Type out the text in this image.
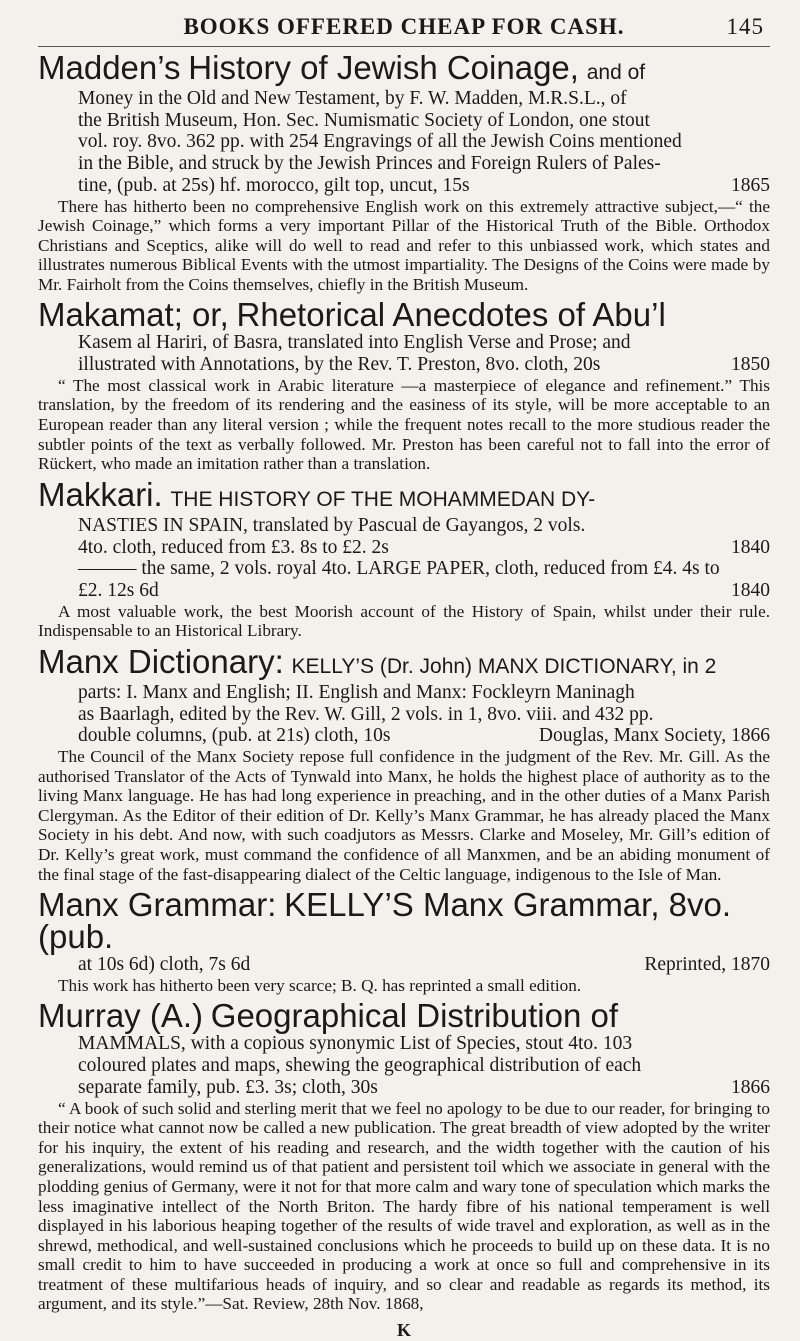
BOOKS OFFERED CHEAP FOR CASH.	145
Madden’s History of Jewish Coinage, and of
Money in the Old and New Testament, by F. W. Madden, M.R.S.L., of
the British Museum, Hon. Sec. Numismatic Society of London, one stout
vol. roy. 8vo. 362 pp. with 254 Engravings of all the Jewish Coins mentioned
in the Bible, and struck by the Jewish Princes and Foreign Rulers of Pales-
tine, (pub. at 25s) hf. morocco, gilt top, uncut, 15s	1865
There has hitherto been no comprehensive English work on this extremely attractive subject,—“ the Jewish Coinage,” which forms a very important Pillar of the Historical Truth of the Bible. Orthodox Christians and Sceptics, alike will do well to read and refer to this unbiassed work, which states and illustrates numerous Biblical Events with the utmost impartiality. The Designs of the Coins were made by Mr. Fairholt from the Coins themselves, chiefly in the British Museum.
Makamat; or, Rhetorical Anecdotes of Abu’l
Kasem al Hariri, of Basra, translated into English Verse and Prose; and
illustrated with Annotations, by the Rev. T. Preston, 8vo. cloth, 20s	1850
“ The most classical work in Arabic literature —a masterpiece of elegance and refinement.” This translation, by the freedom of its rendering and the easiness of its style, will be more acceptable to an European reader than any literal version ; while the frequent notes recall to the more studious reader the subtler points of the text as verbally followed. Mr. Preston has been careful not to fall into the error of Rückert, who made an imitation rather than a translation.
Makkari. THE HISTORY OF THE MOHAMMEDAN DY-
NASTIES IN SPAIN, translated by Pascual de Gayangos, 2 vols.
4to. cloth, reduced from £3. 8s to £2. 2s	1840
——— the same, 2 vols. royal 4to. LARGE PAPER, cloth, reduced from £4. 4s to
£2. 12s 6d	1840
A most valuable work, the best Moorish account of the History of Spain, whilst under their rule. Indispensable to an Historical Library.
Manx Dictionary: KELLY’S (Dr. John) MANX DICTIONARY, in 2
parts: I. Manx and English; II. English and Manx: Fockleyrn Maninagh
as Baarlagh, edited by the Rev. W. Gill, 2 vols. in 1, 8vo. viii. and 432 pp.
double columns, (pub. at 21s) cloth, 10s	Douglas, Manx Society, 1866
The Council of the Manx Society repose full confidence in the judgment of the Rev. Mr. Gill. As the authorised Translator of the Acts of Tynwald into Manx, he holds the highest place of authority as to the living Manx language. He has had long experience in preaching, and in the other duties of a Manx Parish Clergyman. As the Editor of their edition of Dr. Kelly’s Manx Grammar, he has already placed the Manx Society in his debt. And now, with such coadjutors as Messrs. Clarke and Moseley, Mr. Gill’s edition of Dr. Kelly’s great work, must command the confidence of all Manxmen, and be an abiding monument of the final stage of the fast-disappearing dialect of the Celtic language, indigenous to the Isle of Man.
Manx Grammar: KELLY’S Manx Grammar, 8vo. (pub.
at 10s 6d) cloth, 7s 6d	Reprinted, 1870
This work has hitherto been very scarce; B. Q. has reprinted a small edition.
Murray (A.) Geographical Distribution of
MAMMALS, with a copious synonymic List of Species, stout 4to. 103
coloured plates and maps, shewing the geographical distribution of each
separate family, pub. £3. 3s; cloth, 30s	1866
“ A book of such solid and sterling merit that we feel no apology to be due to our reader, for bringing to their notice what cannot now be called a new publication. The great breadth of view adopted by the writer for his inquiry, the extent of his reading and research, and the width together with the caution of his generalizations, would remind us of that patient and persistent toil which we associate in general with the plodding genius of Germany, were it not for that more calm and wary tone of speculation which marks the less imaginative intellect of the North Briton. The hardy fibre of his national temperament is well displayed in his laborious heaping together of the results of wide travel and exploration, as well as in the shrewd, methodical, and well-sustained conclusions which he proceeds to build up on these data. It is no small credit to him to have succeeded in producing a work at once so full and comprehensive in its treatment of these multifarious heads of inquiry, and so clear and readable as regards its method, its argument, and its style.”—Sat. Review, 28th Nov. 1868,
K
